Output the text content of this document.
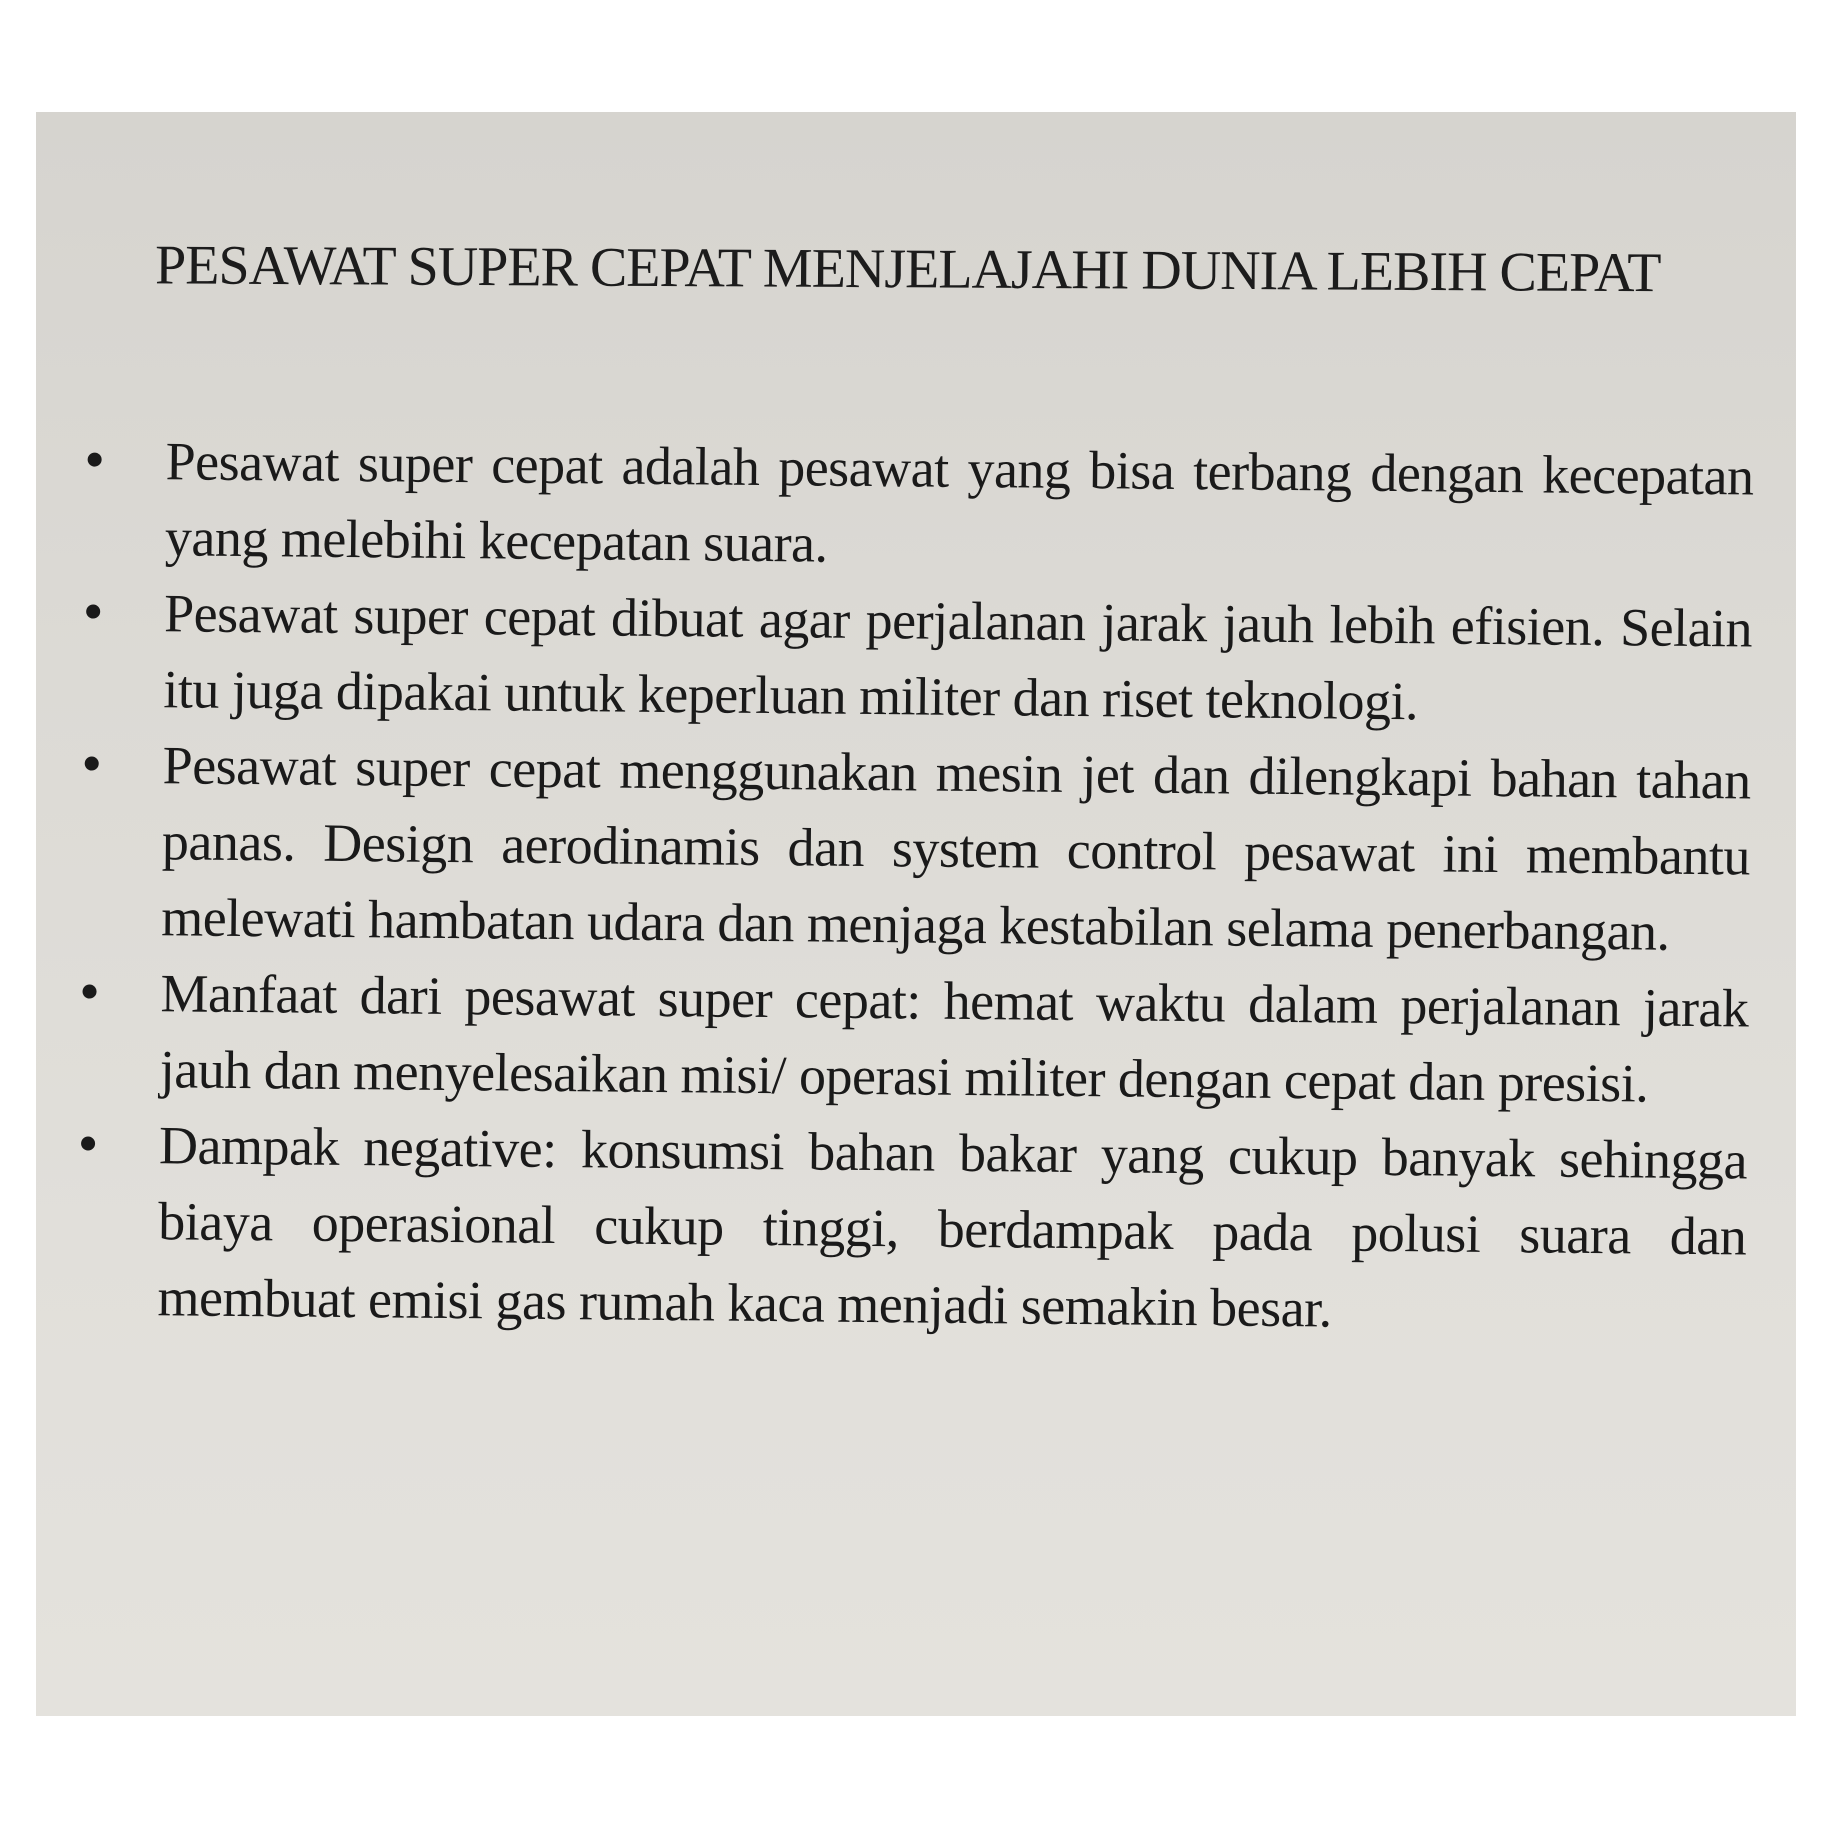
PESAWAT SUPER CEPAT MENJELAJAHI DUNIA LEBIH CEPAT
Pesawat super cepat adalah pesawat yang bisa terbang dengan kecepatan yang melebihi kecepatan suara.
Pesawat super cepat dibuat agar perjalanan jarak jauh lebih efisien. Selain itu juga dipakai untuk keperluan militer dan riset teknologi.
Pesawat super cepat menggunakan mesin jet dan dilengkapi bahan tahan panas. Design aerodinamis dan system control pesawat ini membantu melewati hambatan udara dan menjaga kestabilan selama penerbangan.
Manfaat dari pesawat super cepat: hemat waktu dalam perjalanan jarak jauh dan menyelesaikan misi/ operasi militer dengan cepat dan presisi.
Dampak negative: konsumsi bahan bakar yang cukup banyak sehingga biaya operasional cukup tinggi, berdampak pada polusi suara dan membuat emisi gas rumah kaca menjadi semakin besar.
